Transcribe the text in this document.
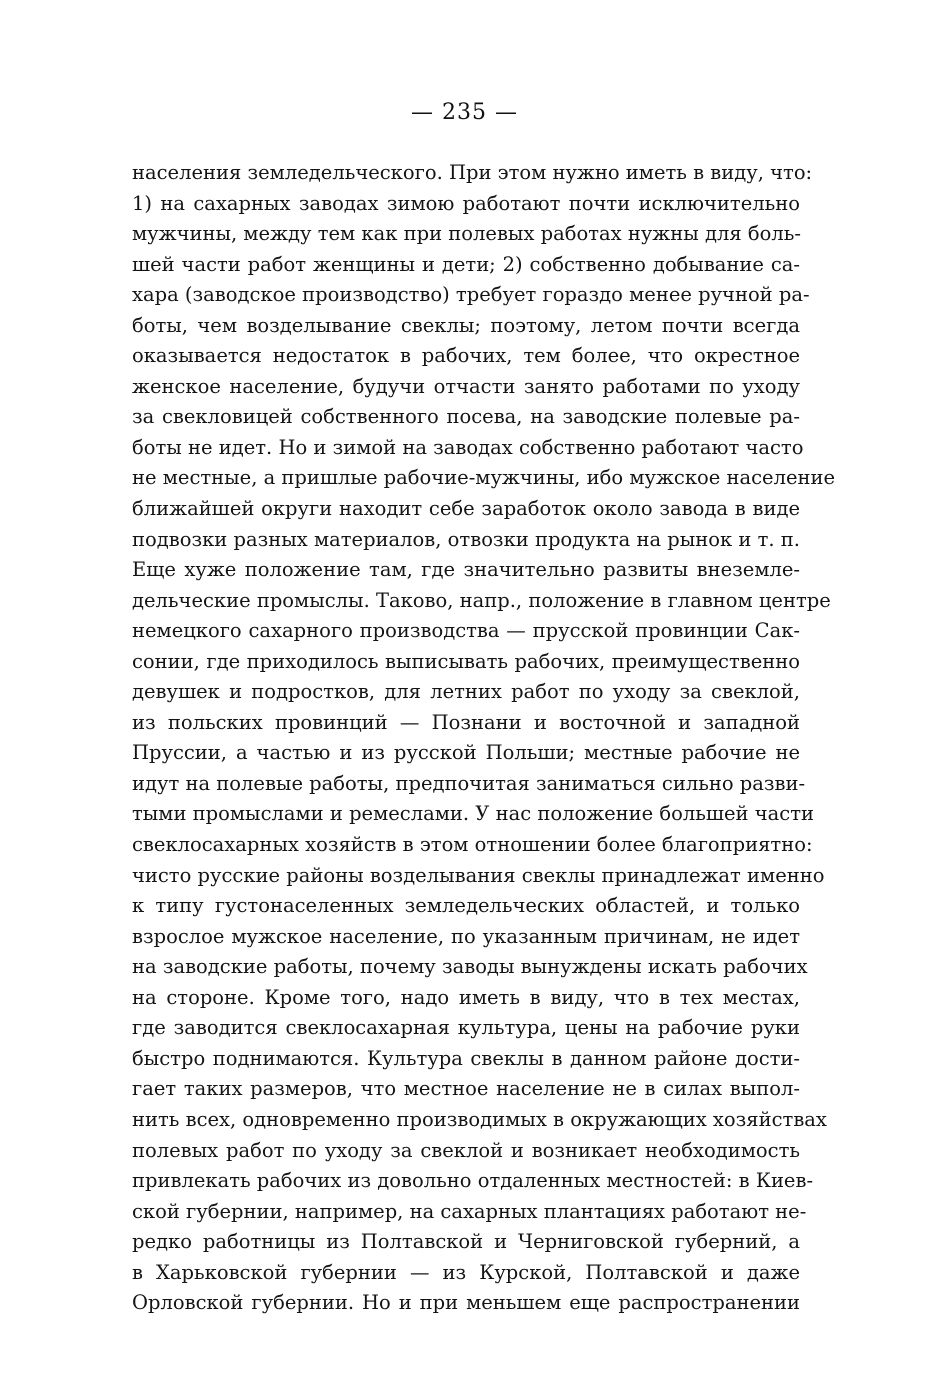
— 235 —
населения земледельческого. При этом нужно иметь в виду, что:
1) на сахарных заводах зимою работают почти исключительно
мужчины, между тем как при полевых работах нужны для боль-
шей части работ женщины и дети; 2) собственно добывание са-
хара (заводское производство) требует гораздо менее ручной ра-
боты, чем возделывание свеклы; поэтому, летом почти всегда
оказывается недостаток в рабочих, тем более, что окрестное
женское население, будучи отчасти занято работами по уходу
за свекловицей собственного посева, на заводские полевые ра-
боты не идет. Но и зимой на заводах собственно работают часто
не местные, а пришлые рабочие-мужчины, ибо мужское население
ближайшей округи находит себе заработок около завода в виде
подвозки разных материалов, отвозки продукта на рынок и т. п.
Еще хуже положение там, где значительно развиты внеземле-
дельческие промыслы. Таково, напр., положение в главном центре
немецкого сахарного производства — прусской провинции Сак-
сонии, где приходилось выписывать рабочих, преимущественно
девушек и подростков, для летних работ по уходу за свеклой,
из польских провинций — Познани и восточной и западной
Пруссии, а частью и из русской Польши; местные рабочие не
идут на полевые работы, предпочитая заниматься сильно разви-
тыми промыслами и ремеслами. У нас положение большей части
свеклосахарных хозяйств в этом отношении более благоприятно:
чисто русские районы возделывания свеклы принадлежат именно
к типу густонаселенных земледельческих областей, и только
взрослое мужское население, по указанным причинам, не идет
на заводские работы, почему заводы вынуждены искать рабочих
на стороне. Кроме того, надо иметь в виду, что в тех местах,
где заводится свеклосахарная культура, цены на рабочие руки
быстро поднимаются. Культура свеклы в данном районе дости-
гает таких размеров, что местное население не в силах выпол-
нить всех, одновременно производимых в окружающих хозяйствах
полевых работ по уходу за свеклой и возникает необходимость
привлекать рабочих из довольно отдаленных местностей: в Киев-
ской губернии, например, на сахарных плантациях работают не-
редко работницы из Полтавской и Черниговской губерний, а
в Харьковской губернии — из Курской, Полтавской и даже
Орловской губернии. Но и при меньшем еще распространении
